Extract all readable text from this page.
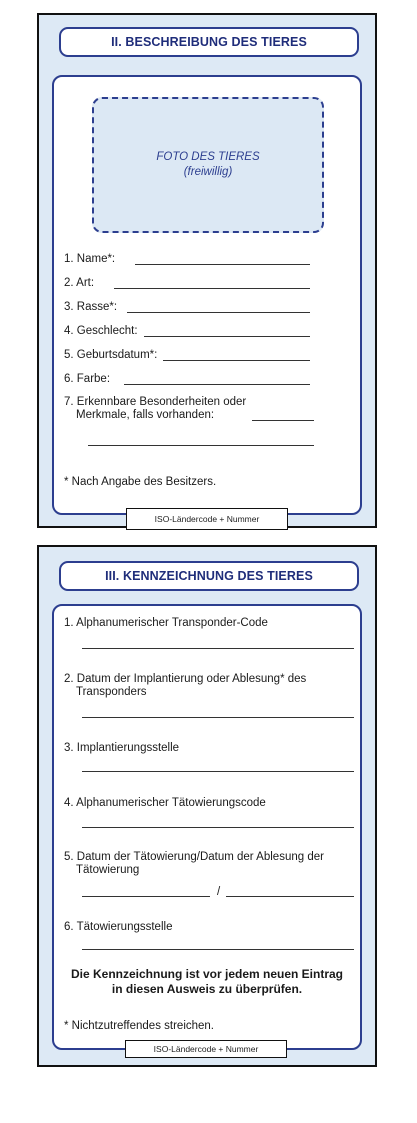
II. BESCHREIBUNG DES TIERES
FOTO DES TIERES
(freiwillig)
1. Name*:
2. Art:
3. Rasse*:
4. Geschlecht:
5. Geburtsdatum*:
6. Farbe:
7. Erkennbare Besonderheiten oder
Merkmale, falls vorhanden:
* Nach Angabe des Besitzers.
ISO-Ländercode + Nummer
III. KENNZEICHNUNG DES TIERES
1. Alphanumerischer Transponder-Code
2. Datum der Implantierung oder Ablesung* des
Transponders
3. Implantierungsstelle
4. Alphanumerischer Tätowierungscode
5. Datum der Tätowierung/Datum der Ablesung der
Tätowierung
/
6. Tätowierungsstelle
Die Kennzeichnung ist vor jedem neuen Eintrag
in diesen Ausweis zu überprüfen.
* Nichtzutreffendes streichen.
ISO-Ländercode + Nummer
